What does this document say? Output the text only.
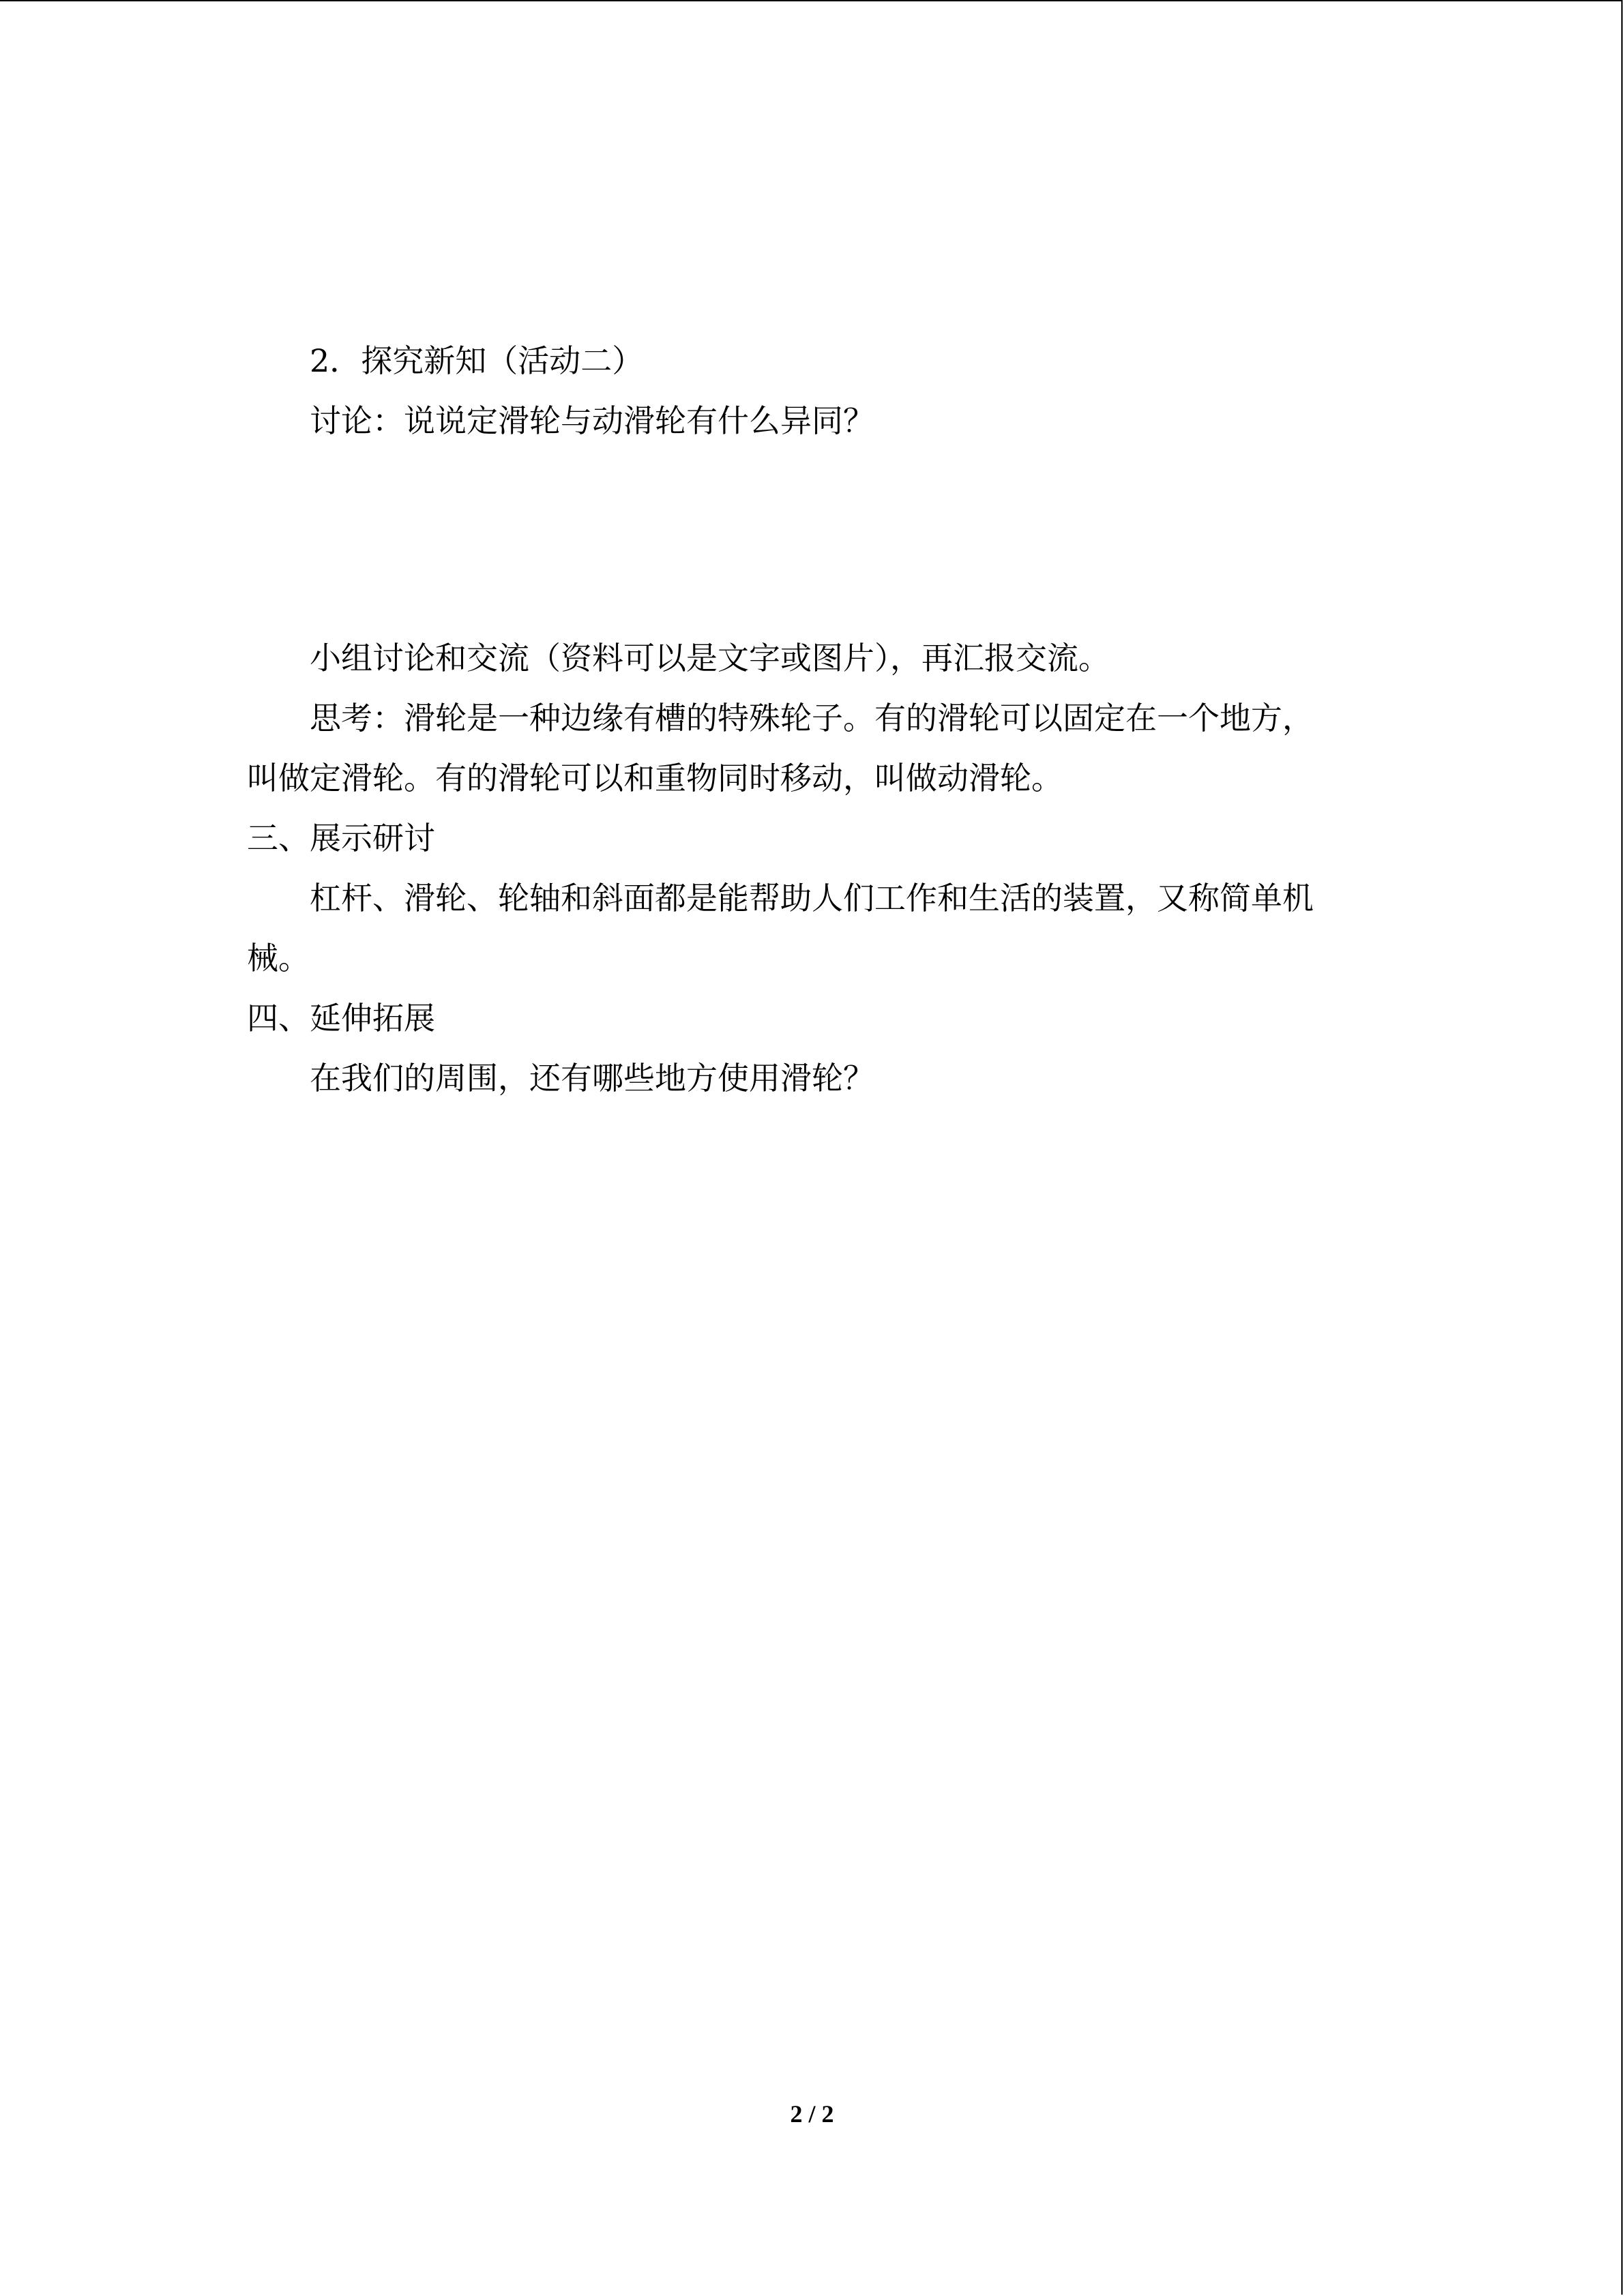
2．探究新知（活动二）

讨论：说说定滑轮与动滑轮有什么异同？

小组讨论和交流（资料可以是文字或图片），再汇报交流。

思考：滑轮是一种边缘有槽的特殊轮子。有的滑轮可以固定在一个地方，

叫做定滑轮。有的滑轮可以和重物同时移动，叫做动滑轮。

三、展示研讨

杠杆、滑轮、轮轴和斜面都是能帮助人们工作和生活的装置，又称简单机

械。

四、延伸拓展

在我们的周围，还有哪些地方使用滑轮？

2 / 2
